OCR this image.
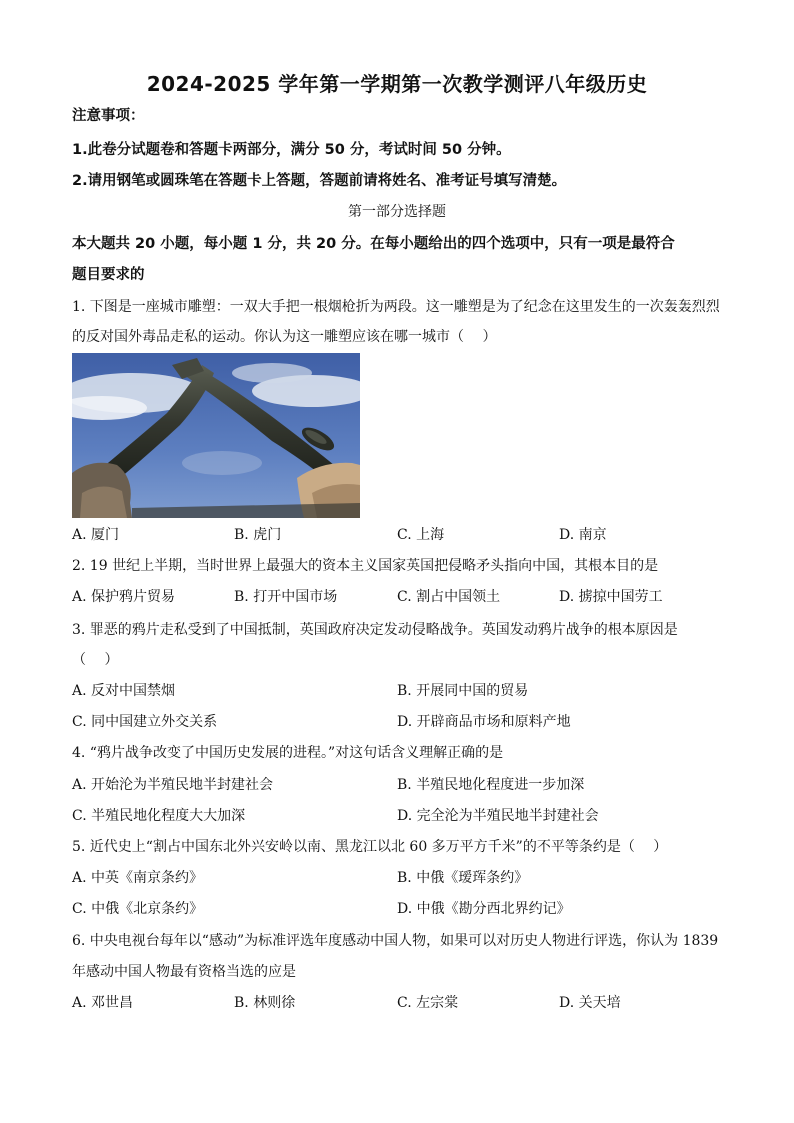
2024-2025 学年第一学期第一次教学测评八年级历史
注意事项：
1.此卷分试题卷和答题卡两部分，满分 50 分，考试时间 50 分钟。
2.请用钢笔或圆珠笔在答题卡上答题，答题前请将姓名、准考证号填写清楚。
第一部分选择题
本大题共 20 小题，每小题 1 分，共 20 分。在每小题给出的四个选项中，只有一项是最符合
题目要求的
1. 下图是一座城市雕塑：一双大手把一根烟枪折为两段。这一雕塑是为了纪念在这里发生的一次轰轰烈烈
的反对国外毒品走私的运动。你认为这一雕塑应该在哪一城市（　 ）
A. 厦门	B. 虎门	C. 上海	D. 南京
2. 19 世纪上半期，当时世界上最强大的资本主义国家英国把侵略矛头指向中国，其根本目的是
A. 保护鸦片贸易	B. 打开中国市场	C. 割占中国领土	D. 掳掠中国劳工
3. 罪恶的鸦片走私受到了中国抵制，英国政府决定发动侵略战争。英国发动鸦片战争的根本原因是
（　 ）
A. 反对中国禁烟	B. 开展同中国的贸易
C. 同中国建立外交关系	D. 开辟商品市场和原料产地
4. “鸦片战争改变了中国历史发展的进程。”对这句话含义理解正确的是
A. 开始沦为半殖民地半封建社会	B. 半殖民地化程度进一步加深
C. 半殖民地化程度大大加深	D. 完全沦为半殖民地半封建社会
5. 近代史上“割占中国东北外兴安岭以南、黑龙江以北 60 多万平方千米”的不平等条约是（　 ）
A. 中英《南京条约》	B. 中俄《瑷珲条约》
C. 中俄《北京条约》	D. 中俄《勘分西北界约记》
6. 中央电视台每年以“感动”为标准评选年度感动中国人物，如果可以对历史人物进行评选，你认为 1839
年感动中国人物最有资格当选的应是
A. 邓世昌	B. 林则徐	C. 左宗棠	D. 关天培
